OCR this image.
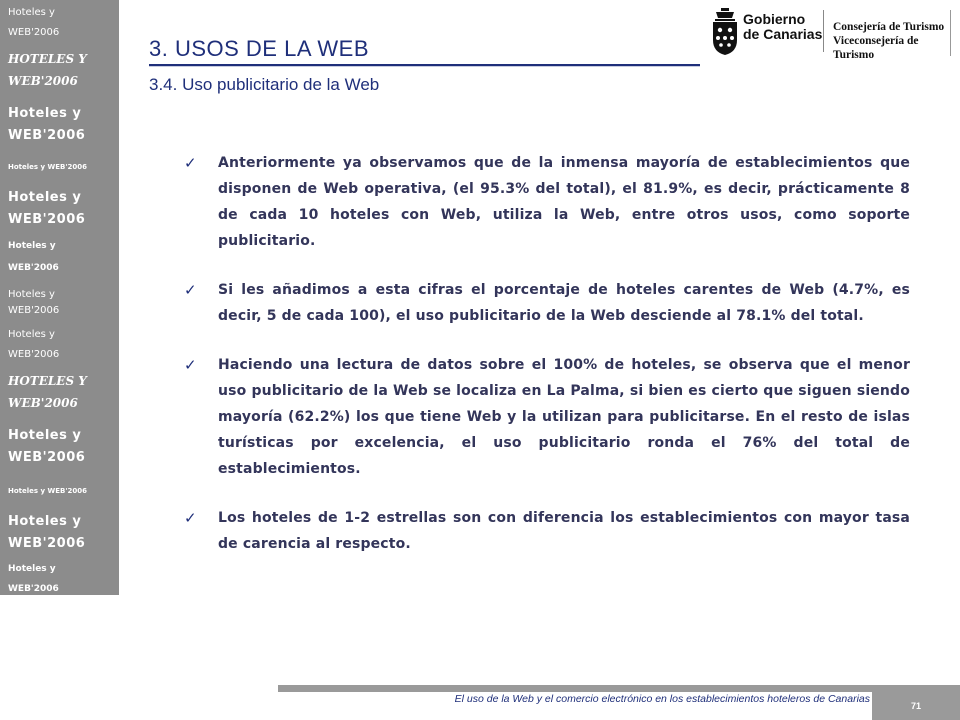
Hoteles y
WEB'2006
HOTELES Y
WEB'2006
Hoteles y
WEB'2006
Hoteles y WEB'2006
Hoteles y
WEB'2006
Hoteles y
WEB'2006
Hoteles y
WEB'2006
Hoteles y
WEB'2006
HOTELES Y
WEB'2006
Hoteles y
WEB'2006
Hoteles y WEB'2006
Hoteles y
WEB'2006
Hoteles y
WEB'2006
3. USOS DE LA WEB
3.4. Uso publicitario de la Web
Gobierno
de Canarias Consejería de Turismo
Viceconsejería de Turismo
✓ Anteriormente ya observamos que de la inmensa mayoría de establecimientos que disponen de Web operativa, (el 95.3% del total), el 81.9%, es decir, prácticamente 8 de cada 10 hoteles con Web, utiliza la Web, entre otros usos, como soporte publicitario.
✓ Si les añadimos a esta cifras el porcentaje de hoteles carentes de Web (4.7%, es decir, 5 de cada 100), el uso publicitario de la Web desciende al 78.1% del total.
✓ Haciendo una lectura de datos sobre el 100% de hoteles, se observa que el menor uso publicitario de la Web se localiza en La Palma, si bien es cierto que siguen siendo mayoría (62.2%) los que tiene Web y la utilizan para publicitarse. En el resto de islas turísticas por excelencia, el uso publicitario ronda el 76% del total de establecimientos.
✓ Los hoteles de 1-2 estrellas son con diferencia los establecimientos con mayor tasa de carencia al respecto.
El uso de la Web y el comercio electrónico en los establecimientos hoteleros de Canarias
71
